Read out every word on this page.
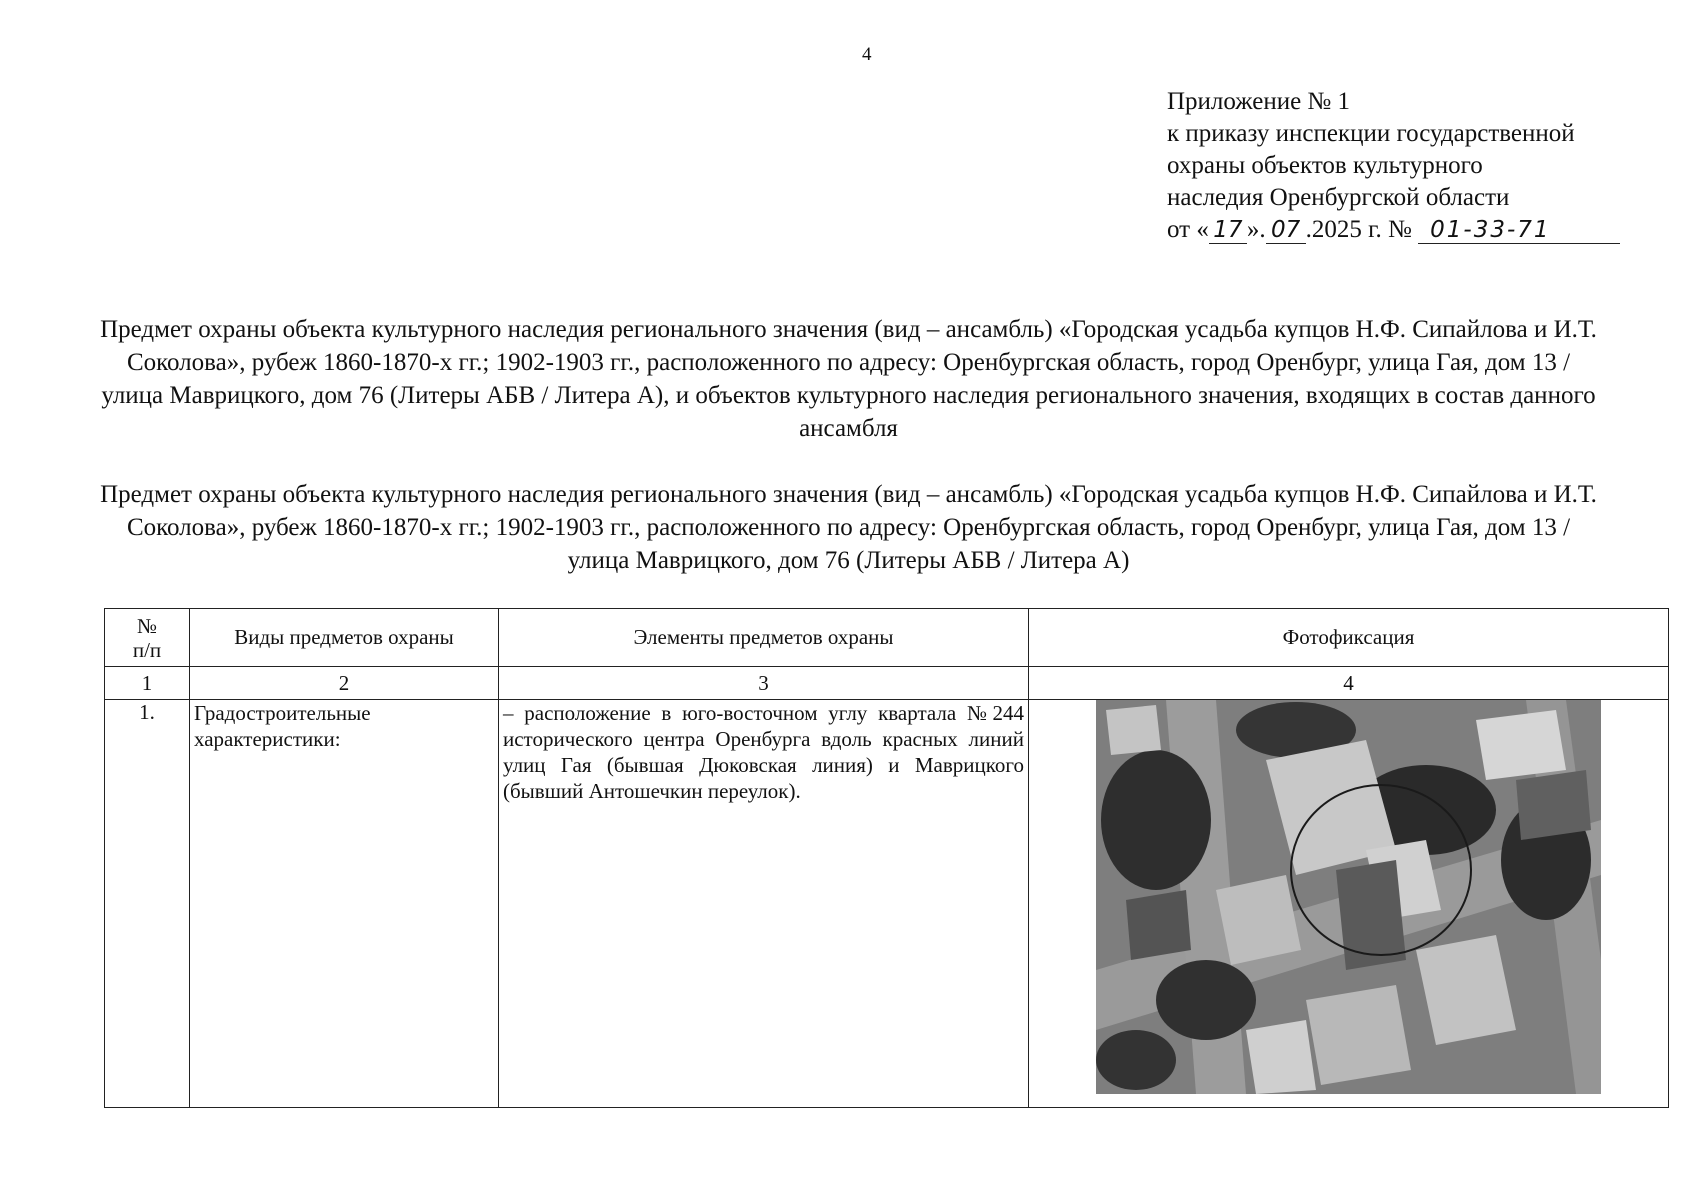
4
Приложение № 1
к приказу инспекции государственной
охраны объектов культурного
наследия Оренбургской области
от « 17 ». 07 .2025 г. № 01-33-71
Предмет охраны объекта культурного наследия регионального значения (вид – ансамбль) «Городская усадьба купцов Н.Ф. Сипайлова и И.Т. Соколова», рубеж 1860-1870-х гг.; 1902-1903 гг., расположенного по адресу: Оренбургская область, город Оренбург, улица Гая, дом 13 / улица Маврицкого, дом 76 (Литеры АБВ / Литера А), и объектов культурного наследия регионального значения, входящих в состав данного ансамбля
Предмет охраны объекта культурного наследия регионального значения (вид – ансамбль) «Городская усадьба купцов Н.Ф. Сипайлова и И.Т. Соколова», рубеж 1860-1870-х гг.; 1902-1903 гг., расположенного по адресу: Оренбургская область, город Оренбург, улица Гая, дом 13 / улица Маврицкого, дом 76 (Литеры АБВ / Литера А)
№
п/п	Виды предметов охраны	Элементы предметов охраны	Фотофиксация
1	2	3	4
1.	Градостроительные характеристики:	– расположение в юго-восточном углу квартала №244 исторического центра Оренбурга вдоль красных линий улиц Гая (бывшая Дюковская линия) и Маврицкого (бывший Антошечкин переулок).	
